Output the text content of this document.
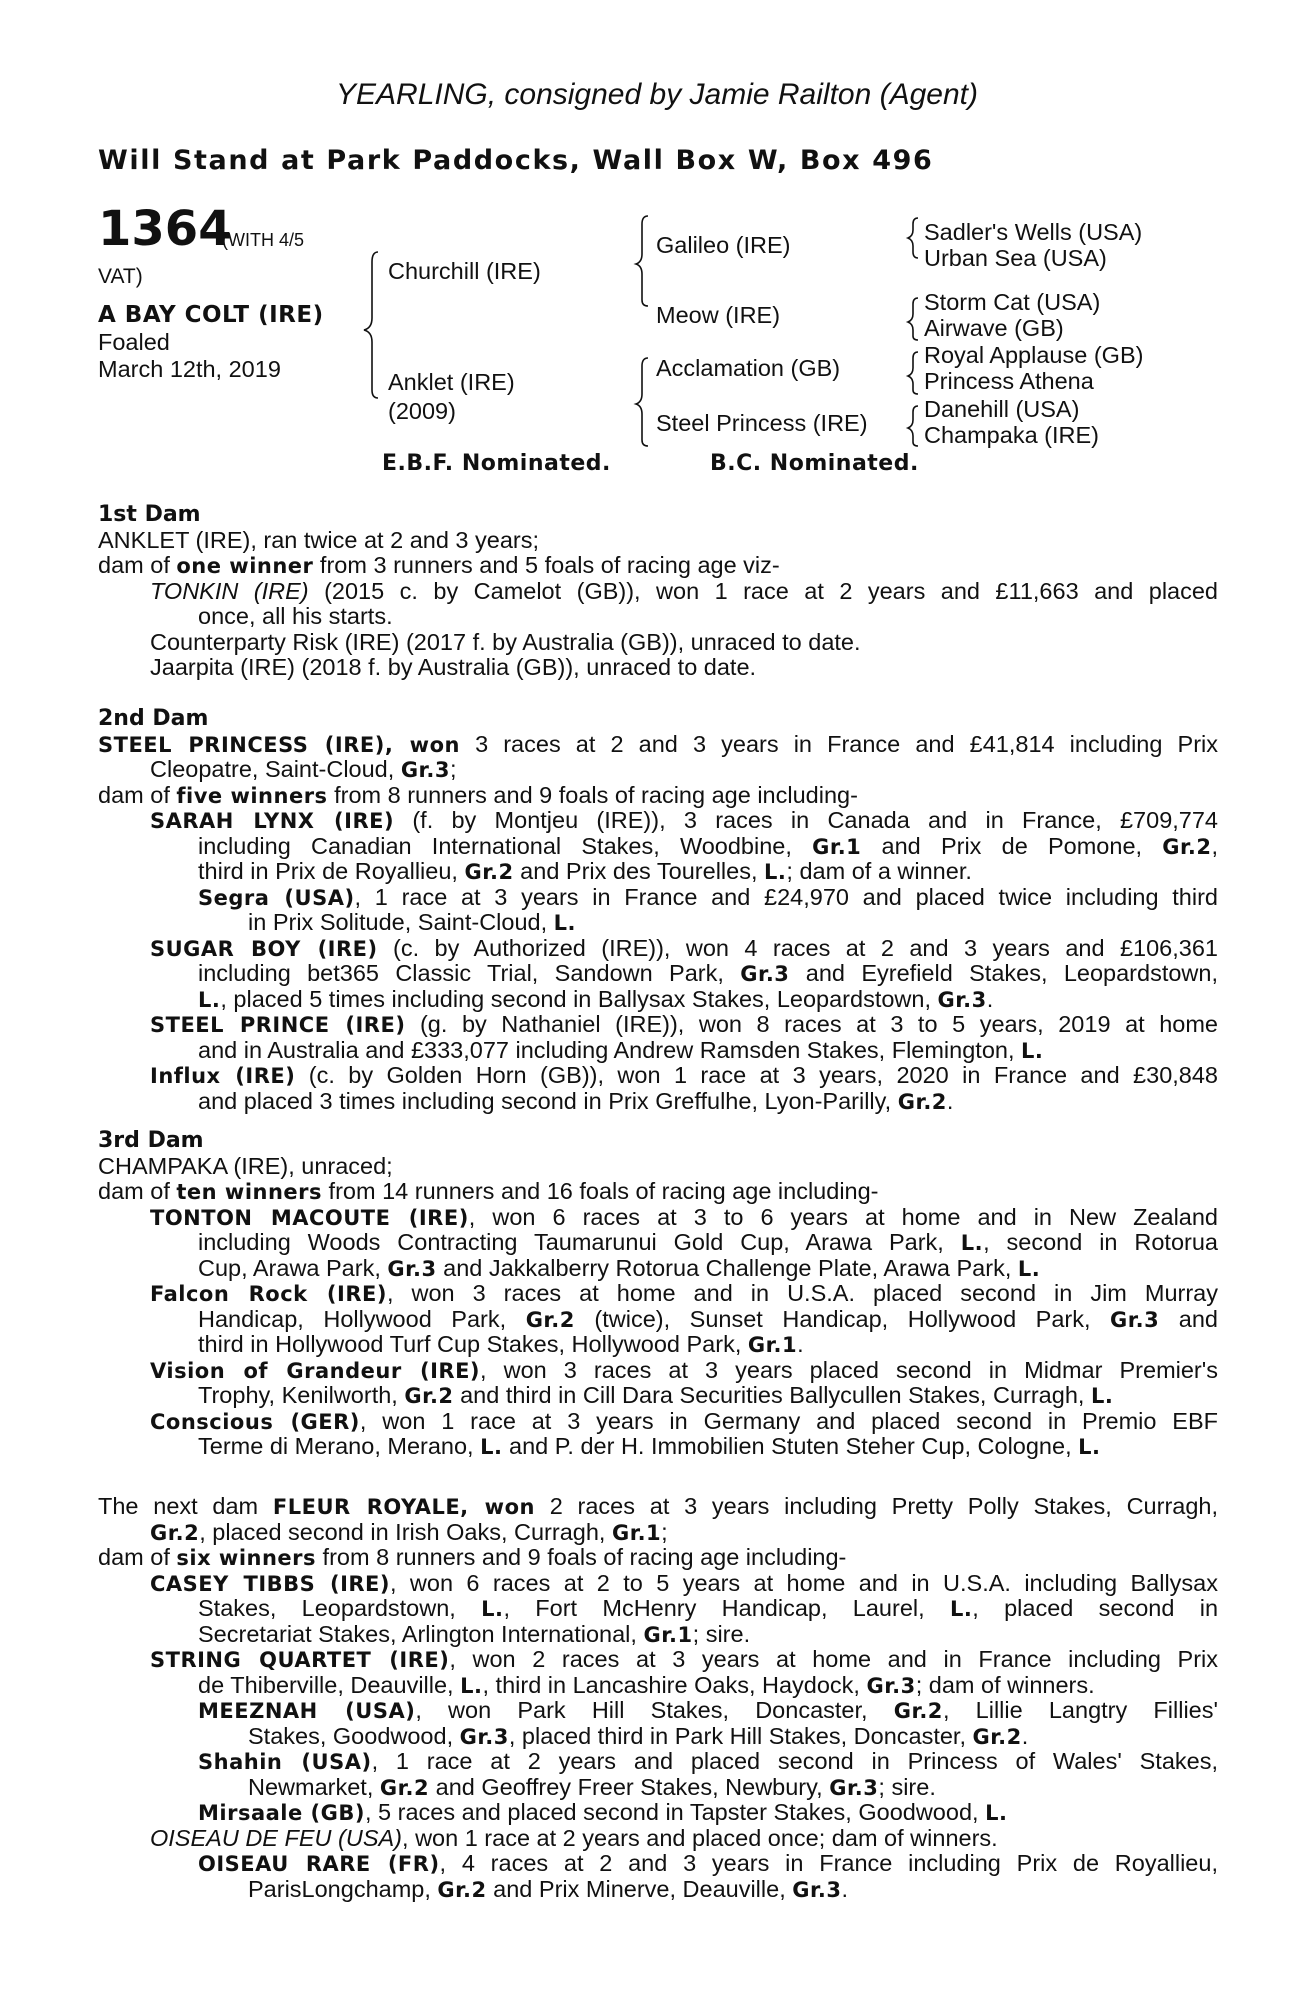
YEARLING, consigned by Jamie Railton (Agent)
Will Stand at Park Paddocks, Wall Box W, Box 496
1364
(WITH 4/5
VAT)
A BAY COLT (IRE)
Foaled
March 12th, 2019
Churchill (IRE)
Anklet (IRE)
(2009)
Galileo (IRE)
Meow (IRE)
Acclamation (GB)
Steel Princess (IRE)
Sadler's Wells (USA)
Urban Sea (USA)
Storm Cat (USA)
Airwave (GB)
Royal Applause (GB)
Princess Athena
Danehill (USA)
Champaka (IRE)
E.B.F. Nominated.	B.C. Nominated.
1st Dam
ANKLET (IRE), ran twice at 2 and 3 years;
dam of one winner from 3 runners and 5 foals of racing age viz-
TONKIN (IRE) (2015 c. by Camelot (GB)), won 1 race at 2 years and £11,663 and placed
once, all his starts.
Counterparty Risk (IRE) (2017 f. by Australia (GB)), unraced to date.
Jaarpita (IRE) (2018 f. by Australia (GB)), unraced to date.
2nd Dam
STEEL PRINCESS (IRE), won 3 races at 2 and 3 years in France and £41,814 including Prix
Cleopatre, Saint-Cloud, Gr.3;
dam of five winners from 8 runners and 9 foals of racing age including-
SARAH LYNX (IRE) (f. by Montjeu (IRE)), 3 races in Canada and in France, £709,774
including Canadian International Stakes, Woodbine, Gr.1 and Prix de Pomone, Gr.2,
third in Prix de Royallieu, Gr.2 and Prix des Tourelles, L.; dam of a winner.
Segra (USA), 1 race at 3 years in France and £24,970 and placed twice including third
in Prix Solitude, Saint-Cloud, L.
SUGAR BOY (IRE) (c. by Authorized (IRE)), won 4 races at 2 and 3 years and £106,361
including bet365 Classic Trial, Sandown Park, Gr.3 and Eyrefield Stakes, Leopardstown,
L., placed 5 times including second in Ballysax Stakes, Leopardstown, Gr.3.
STEEL PRINCE (IRE) (g. by Nathaniel (IRE)), won 8 races at 3 to 5 years, 2019 at home
and in Australia and £333,077 including Andrew Ramsden Stakes, Flemington, L.
Influx (IRE) (c. by Golden Horn (GB)), won 1 race at 3 years, 2020 in France and £30,848
and placed 3 times including second in Prix Greffulhe, Lyon-Parilly, Gr.2.
3rd Dam
CHAMPAKA (IRE), unraced;
dam of ten winners from 14 runners and 16 foals of racing age including-
TONTON MACOUTE (IRE), won 6 races at 3 to 6 years at home and in New Zealand
including Woods Contracting Taumarunui Gold Cup, Arawa Park, L., second in Rotorua
Cup, Arawa Park, Gr.3 and Jakkalberry Rotorua Challenge Plate, Arawa Park, L.
Falcon Rock (IRE), won 3 races at home and in U.S.A. placed second in Jim Murray
Handicap, Hollywood Park, Gr.2 (twice), Sunset Handicap, Hollywood Park, Gr.3 and
third in Hollywood Turf Cup Stakes, Hollywood Park, Gr.1.
Vision of Grandeur (IRE), won 3 races at 3 years placed second in Midmar Premier's
Trophy, Kenilworth, Gr.2 and third in Cill Dara Securities Ballycullen Stakes, Curragh, L.
Conscious (GER), won 1 race at 3 years in Germany and placed second in Premio EBF
Terme di Merano, Merano, L. and P. der H. Immobilien Stuten Steher Cup, Cologne, L.
The next dam FLEUR ROYALE, won 2 races at 3 years including Pretty Polly Stakes, Curragh,
Gr.2, placed second in Irish Oaks, Curragh, Gr.1;
dam of six winners from 8 runners and 9 foals of racing age including-
CASEY TIBBS (IRE), won 6 races at 2 to 5 years at home and in U.S.A. including Ballysax
Stakes, Leopardstown, L., Fort McHenry Handicap, Laurel, L., placed second in
Secretariat Stakes, Arlington International, Gr.1; sire.
STRING QUARTET (IRE), won 2 races at 3 years at home and in France including Prix
de Thiberville, Deauville, L., third in Lancashire Oaks, Haydock, Gr.3; dam of winners.
MEEZNAH (USA), won Park Hill Stakes, Doncaster, Gr.2, Lillie Langtry Fillies'
Stakes, Goodwood, Gr.3, placed third in Park Hill Stakes, Doncaster, Gr.2.
Shahin (USA), 1 race at 2 years and placed second in Princess of Wales' Stakes,
Newmarket, Gr.2 and Geoffrey Freer Stakes, Newbury, Gr.3; sire.
Mirsaale (GB), 5 races and placed second in Tapster Stakes, Goodwood, L.
OISEAU DE FEU (USA), won 1 race at 2 years and placed once; dam of winners.
OISEAU RARE (FR), 4 races at 2 and 3 years in France including Prix de Royallieu,
ParisLongchamp, Gr.2 and Prix Minerve, Deauville, Gr.3.
